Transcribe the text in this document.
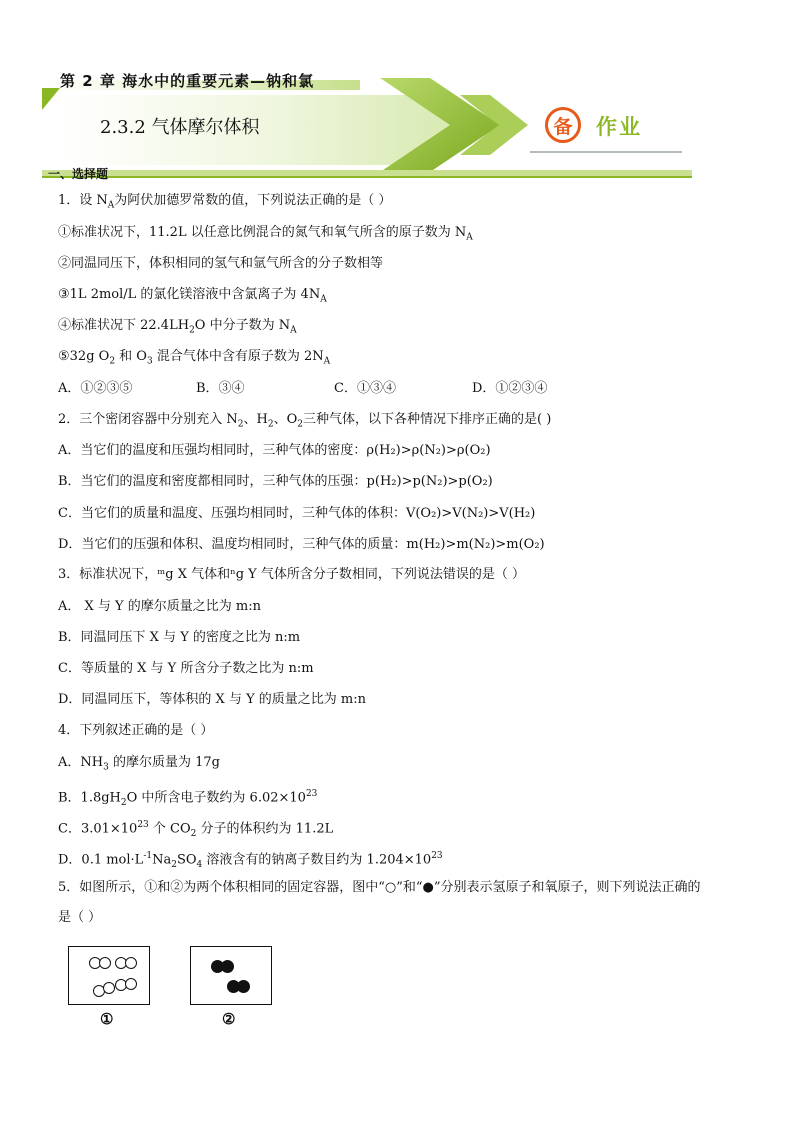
第 2 章 海水中的重要元素—钠和氯
2.3.2 气体摩尔体积	备	作业
一、选择题
1．设 $N_A$为阿伏加德罗常数的值，下列说法正确的是（ ）
①标准状况下，11.2L 以任意比例混合的氮气和氧气所含的原子数为 $N_A$
②同温同压下，体积相同的氢气和氩气所含的分子数相等
③1L 2mol/L 的氯化镁溶液中含氯离子为 $4N_A$
④标准状况下 $22.4LH_2O$ 中分子数为 $N_A$
⑤32g $O_2$ 和 $O_3$ 混合气体中含有原子数为 $2N_A$
A．①②③⑤	B．③④	C．①③④	D．①②③④
2．三个密闭容器中分别充入 $N_2$、$H_2$、$O_2$三种气体，以下各种情况下排序正确的是( )
A．当它们的温度和压强均相同时，三种气体的密度：ρ(H₂)>ρ(N₂)>ρ(O₂)
B．当它们的温度和密度都相同时，三种气体的压强：p(H₂)>p(N₂)>p(O₂)
C．当它们的质量和温度、压强均相同时，三种气体的体积：V(O₂)>V(N₂)>V(H₂)
D．当它们的压强和体积、温度均相同时，三种气体的质量：m(H₂)>m(N₂)>m(O₂)
3．标准状况下，ᵐg X 气体和ⁿg Y 气体所含分子数相同，下列说法错误的是（ ）
A． X 与 Y 的摩尔质量之比为 m:n
B．同温同压下 X 与 Y 的密度之比为 n:m
C．等质量的 X 与 Y 所含分子数之比为 n:m
D．同温同压下，等体积的 X 与 Y 的质量之比为 m:n
4．下列叙述正确的是（ ）
A．$NH_3$ 的摩尔质量为 17g
B．$1.8gH_2O$ 中所含电子数约为 $6.02\times 10^{23}$
C．$3.01\times 10^{23}$ 个 $CO_2$ 分子的体积约为 11.2L
D．0.1 $mol\cdot L^{-1}Na_2SO_4$ 溶液含有的钠离子数目约为 $1.204\times 10^{23}$
5．如图所示，①和②为两个体积相同的固定容器，图中“○”和“●”分别表示氢原子和氧原子，则下列说法正确的
是（ ）
①	②
